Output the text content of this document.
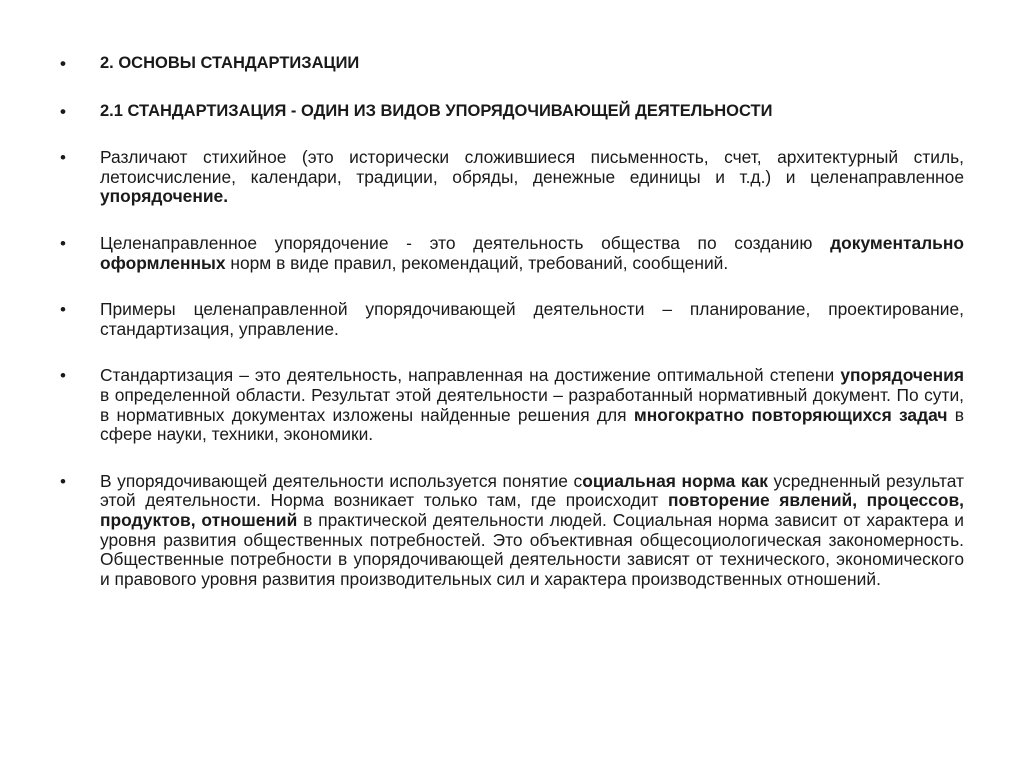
•	2. ОСНОВЫ СТАНДАРТИЗАЦИИ
•	2.1 СТАНДАРТИЗАЦИЯ - ОДИН ИЗ ВИДОВ УПОРЯДОЧИВАЮЩЕЙ ДЕЯТЕЛЬНОСТИ
•	Различают стихийное (это исторически сложившиеся письменность, счет, архитектурный стиль, летоисчисление, календари, традиции, обряды, денежные единицы и т.д.) и целенаправленное упорядочение.
•	Целенаправленное упорядочение - это деятельность общества по созданию документально оформленных норм в виде правил, рекомендаций, требований, сообщений.
•	Примеры целенаправленной упорядочивающей деятельности – планирование, проектирование, стандартизация, управление.
•	Стандартизация – это деятельность, направленная на достижение оптимальной степени упорядочения в определенной области. Результат этой деятельности – разработанный нормативный документ. По сути, в нормативных документах изложены найденные решения для многократно повторяющихся задач в сфере науки, техники, экономики.
•	В упорядочивающей деятельности используется понятие социальная норма как усредненный результат этой деятельности. Норма возникает только там, где происходит повторение явлений, процессов, продуктов, отношений в практической деятельности людей. Социальная норма зависит от характера и уровня развития общественных потребностей. Это объективная общесоциологическая закономерность. Общественные потребности в упорядочивающей деятельности зависят от технического, экономического и правового уровня развития производительных сил и характера производственных отношений.
